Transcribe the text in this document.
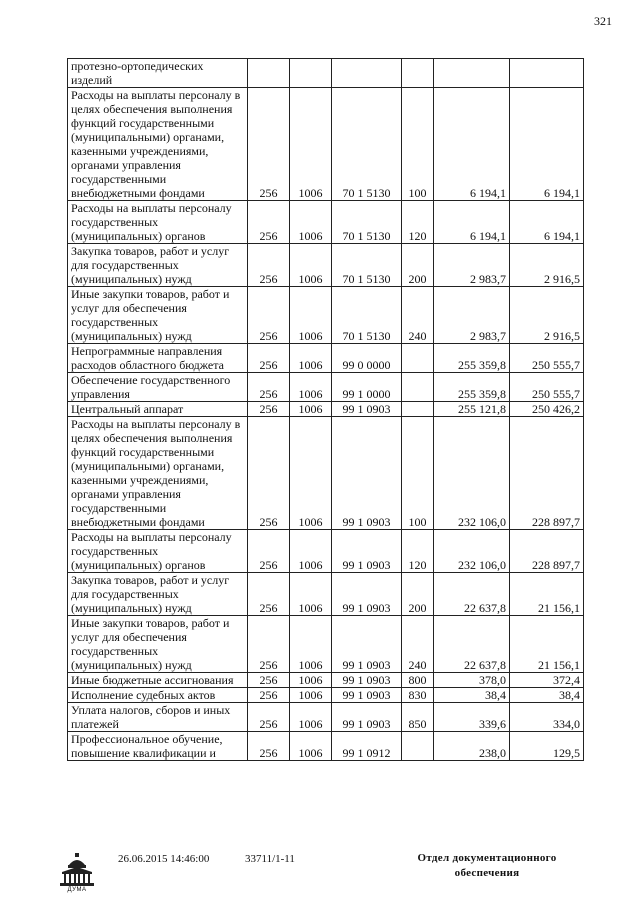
321
протезно-ортопедических изделий						
Расходы на выплаты персоналу в целях обеспечения выполнения функций государственными (муниципальными) органами, казенными учреждениями, органами управления государственными внебюджетными фондами	256	1006	70 1 5130	100	6 194,1	6 194,1
Расходы на выплаты персоналу государственных (муниципальных) органов	256	1006	70 1 5130	120	6 194,1	6 194,1
Закупка товаров, работ и услуг для государственных (муниципальных) нужд	256	1006	70 1 5130	200	2 983,7	2 916,5
Иные закупки товаров, работ и услуг для обеспечения государственных (муниципальных) нужд	256	1006	70 1 5130	240	2 983,7	2 916,5
Непрограммные направления расходов областного бюджета	256	1006	99 0 0000		255 359,8	250 555,7
Обеспечение государственного управления	256	1006	99 1 0000		255 359,8	250 555,7
Центральный аппарат	256	1006	99 1 0903		255 121,8	250 426,2
Расходы на выплаты персоналу в целях обеспечения выполнения функций государственными (муниципальными) органами, казенными учреждениями, органами управления государственными внебюджетными фондами	256	1006	99 1 0903	100	232 106,0	228 897,7
Расходы на выплаты персоналу государственных (муниципальных) органов	256	1006	99 1 0903	120	232 106,0	228 897,7
Закупка товаров, работ и услуг для государственных (муниципальных) нужд	256	1006	99 1 0903	200	22 637,8	21 156,1
Иные закупки товаров, работ и услуг для обеспечения государственных (муниципальных) нужд	256	1006	99 1 0903	240	22 637,8	21 156,1
Иные бюджетные ассигнования	256	1006	99 1 0903	800	378,0	372,4
Исполнение судебных актов	256	1006	99 1 0903	830	38,4	38,4
Уплата налогов, сборов и иных платежей	256	1006	99 1 0903	850	339,6	334,0
Профессиональное обучение, повышение квалификации и	256	1006	99 1 0912		238,0	129,5
ДУМА
26.06.2015 14:46:00	33711/1-11	Отдел документационного
обеспечения
